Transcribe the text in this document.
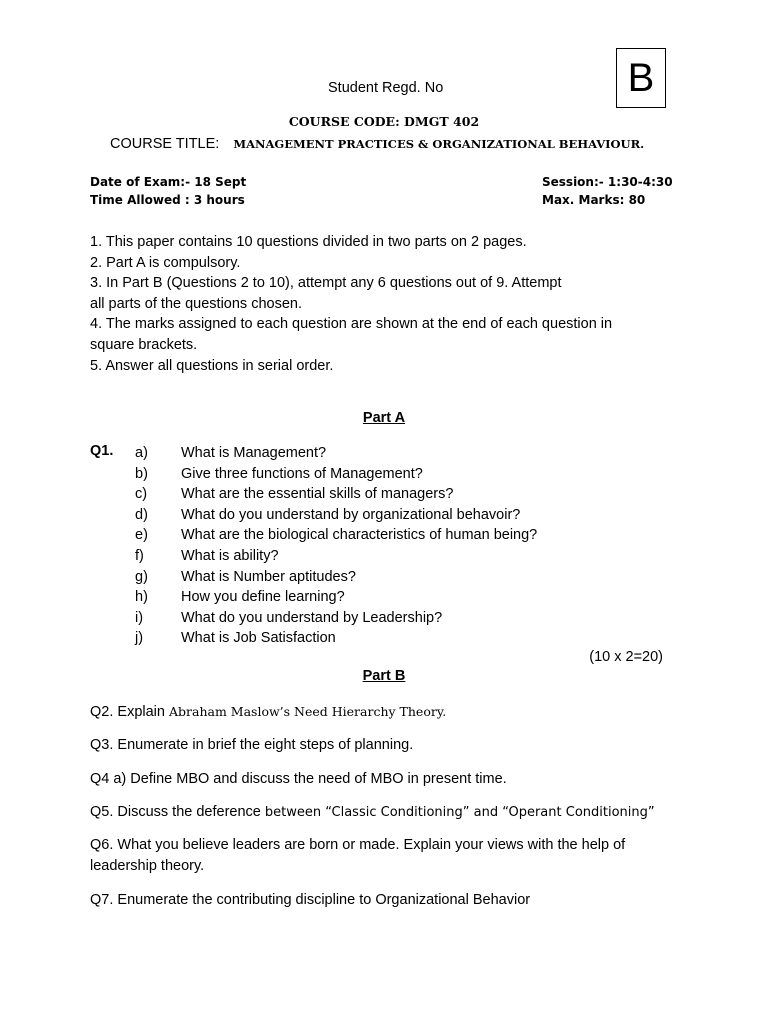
B
Student Regd. No
COURSE CODE: DMGT 402
COURSE TITLE: MANAGEMENT PRACTICES & ORGANIZATIONAL BEHAVIOUR.
Date of Exam:- 18 Sept
Time Allowed : 3 hours
Session:- 1:30-4:30
Max. Marks: 80
1. This paper contains 10 questions divided in two parts on 2 pages.
2. Part A is compulsory.
3. In Part B (Questions 2 to 10), attempt any 6 questions out of 9. Attempt
all parts of the questions chosen.
4. The marks assigned to each question are shown at the end of each question in
square brackets.
5. Answer all questions in serial order.
Part A
Q1. a)	What is Management?
b)	Give three functions of Management?
c)	What are the essential skills of managers?
d)	What do you understand by organizational behavoir?
e)	What are the biological characteristics of human being?
f)	What is ability?
g)	What is Number aptitudes?
h)	How you define learning?
i)	What do you understand by Leadership?
j)	What is Job Satisfaction
(10 x 2=20)
Part B
Q2. Explain Abraham Maslow’s Need Hierarchy Theory.
Q3. Enumerate in brief the eight steps of planning.
Q4 a) Define MBO and discuss the need of MBO in present time.
Q5. Discuss the deference between “Classic Conditioning” and “Operant Conditioning”
Q6. What you believe leaders are born or made. Explain your views with the help of
leadership theory.
Q7. Enumerate the contributing discipline to Organizational Behavior
